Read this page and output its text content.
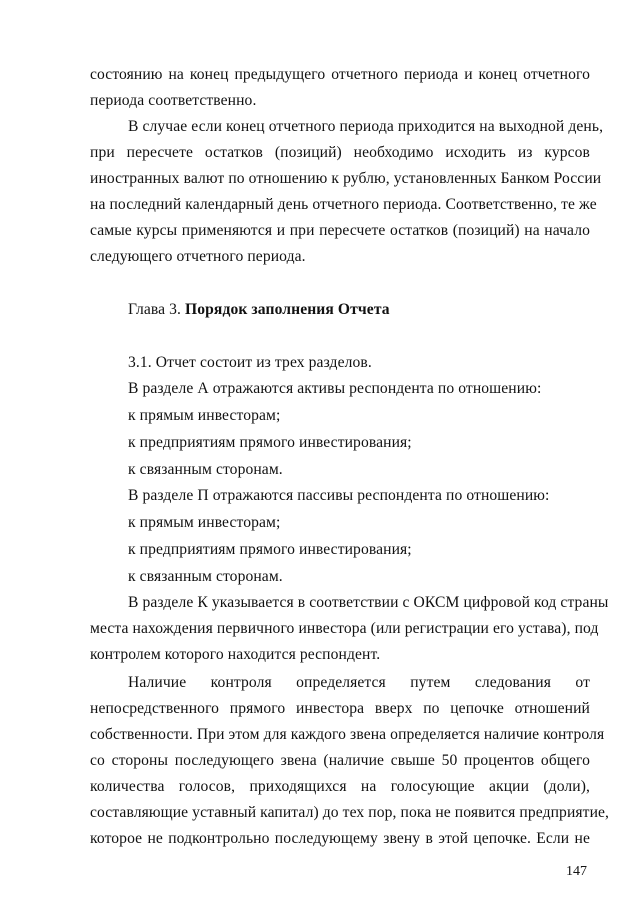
состоянию на конец предыдущего отчетного периода и конец отчетного
периода соответственно.
В случае если конец отчетного периода приходится на выходной день,
при пересчете остатков (позиций) необходимо исходить из курсов
иностранных валют по отношению к рублю, установленных Банком России
на последний календарный день отчетного периода. Соответственно, те же
самые курсы применяются и при пересчете остатков (позиций) на начало
следующего отчетного периода.
Глава 3. Порядок заполнения Отчета
3.1. Отчет состоит из трех разделов.
В разделе А отражаются активы респондента по отношению:
к прямым инвесторам;
к предприятиям прямого инвестирования;
к связанным сторонам.
В разделе П отражаются пассивы респондента по отношению:
к прямым инвесторам;
к предприятиям прямого инвестирования;
к связанным сторонам.
В разделе К указывается в соответствии с ОКСМ цифровой код страны
места нахождения первичного инвестора (или регистрации его устава), под
контролем которого находится респондент.
Наличие контроля определяется путем следования от
непосредственного прямого инвестора вверх по цепочке отношений
собственности. При этом для каждого звена определяется наличие контроля
со стороны последующего звена (наличие свыше 50 процентов общего
количества голосов, приходящихся на голосующие акции (доли),
составляющие уставный капитал) до тех пор, пока не появится предприятие,
которое не подконтрольно последующему звену в этой цепочке. Если не
147
